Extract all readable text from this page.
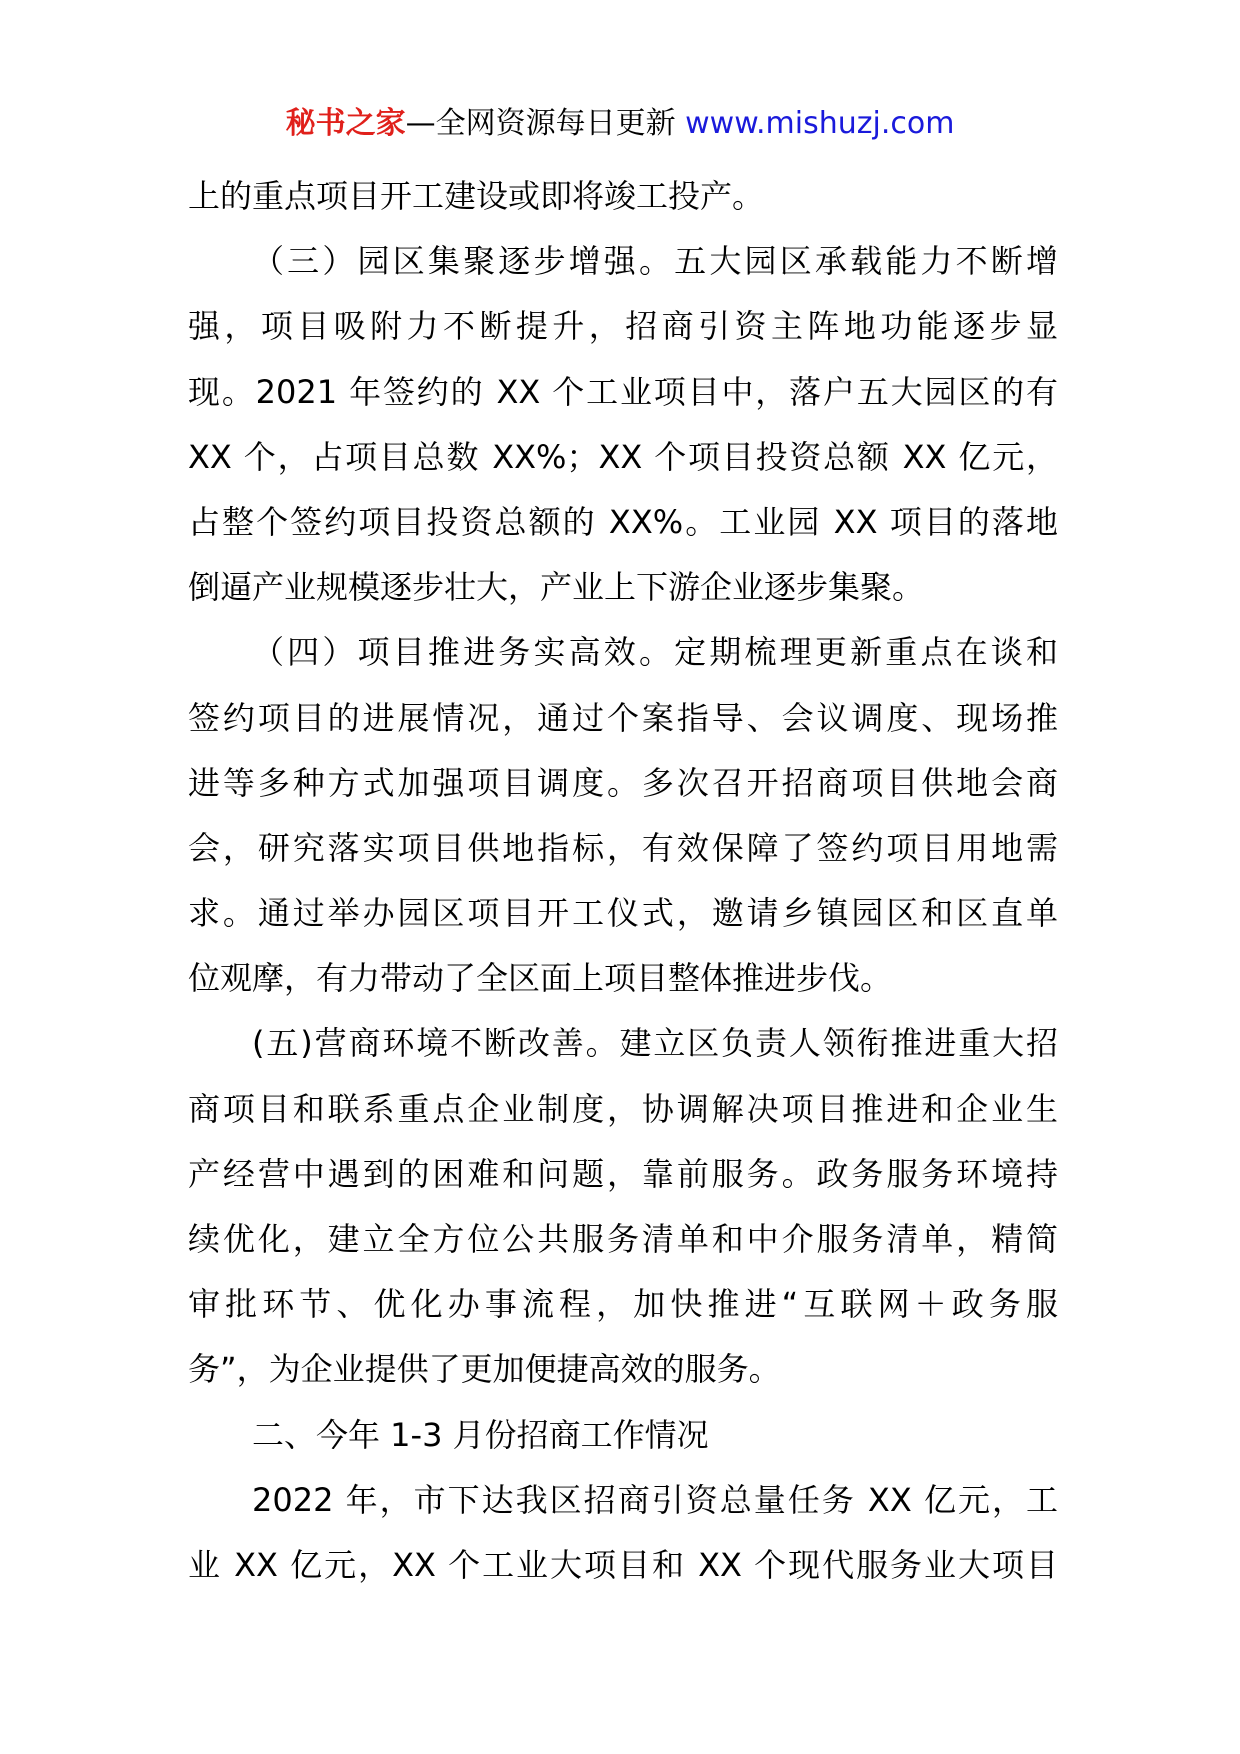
秘书之家—全网资源每日更新 www.mishuzj.com
上的重点项目开工建设或即将竣工投产。
（三）园区集聚逐步增强。五大园区承载能力不断增
强，项目吸附力不断提升，招商引资主阵地功能逐步显
现。2021 年签约的 XX 个工业项目中，落户五大园区的有
XX 个，占项目总数 XX%；XX 个项目投资总额 XX 亿元，
占整个签约项目投资总额的 XX%。工业园 XX 项目的落地
倒逼产业规模逐步壮大，产业上下游企业逐步集聚。
（四）项目推进务实高效。定期梳理更新重点在谈和
签约项目的进展情况，通过个案指导、会议调度、现场推
进等多种方式加强项目调度。多次召开招商项目供地会商
会，研究落实项目供地指标，有效保障了签约项目用地需
求。通过举办园区项目开工仪式，邀请乡镇园区和区直单
位观摩，有力带动了全区面上项目整体推进步伐。
(五)营商环境不断改善。建立区负责人领衔推进重大招
商项目和联系重点企业制度，协调解决项目推进和企业生
产经营中遇到的困难和问题，靠前服务。政务服务环境持
续优化，建立全方位公共服务清单和中介服务清单，精简
审批环节、优化办事流程，加快推进“互联网＋政务服
务”，为企业提供了更加便捷高效的服务。
二、今年 1-3 月份招商工作情况
2022 年，市下达我区招商引资总量任务 XX 亿元，工
业 XX 亿元，XX 个工业大项目和 XX 个现代服务业大项目
